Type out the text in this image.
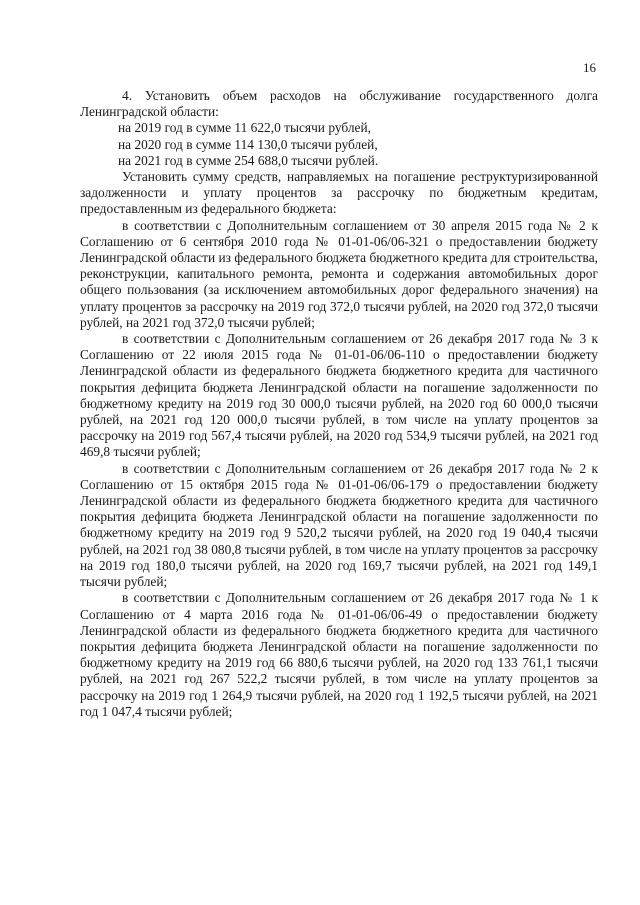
16

4. Установить объем расходов на обслуживание государственного долга Ленинградской области:

на 2019 год в сумме 11 622,0 тысячи рублей,

на 2020 год в сумме 114 130,0 тысячи рублей,

на 2021 год в сумме 254 688,0 тысячи рублей.

Установить сумму средств, направляемых на погашение реструктуризированной задолженности и уплату процентов за рассрочку по бюджетным кредитам, предоставленным из федерального бюджета:

в соответствии с Дополнительным соглашением от 30 апреля 2015 года № 2 к Соглашению от 6 сентября 2010 года № 01-01-06/06-321 о предоставлении бюджету Ленинградской области из федерального бюджета бюджетного кредита для строительства, реконструкции, капитального ремонта, ремонта и содержания автомобильных дорог общего пользования (за исключением автомобильных дорог федерального значения) на уплату процентов за рассрочку на 2019 год 372,0 тысячи рублей, на 2020 год 372,0 тысячи рублей, на 2021 год 372,0 тысячи рублей;

в соответствии с Дополнительным соглашением от 26 декабря 2017 года № 3 к Соглашению от 22 июля 2015 года № 01-01-06/06-110 о предоставлении бюджету Ленинградской области из федерального бюджета бюджетного кредита для частичного покрытия дефицита бюджета Ленинградской области на погашение задолженности по бюджетному кредиту на 2019 год 30 000,0 тысячи рублей, на 2020 год 60 000,0 тысячи рублей, на 2021 год 120 000,0 тысячи рублей, в том числе на уплату процентов за рассрочку на 2019 год 567,4 тысячи рублей, на 2020 год 534,9 тысячи рублей, на 2021 год 469,8 тысячи рублей;

в соответствии с Дополнительным соглашением от 26 декабря 2017 года № 2 к Соглашению от 15 октября 2015 года № 01-01-06/06-179 о предоставлении бюджету Ленинградской области из федерального бюджета бюджетного кредита для частичного покрытия дефицита бюджета Ленинградской области на погашение задолженности по бюджетному кредиту на 2019 год 9 520,2 тысячи рублей, на 2020 год 19 040,4 тысячи рублей, на 2021 год 38 080,8 тысячи рублей, в том числе на уплату процентов за рассрочку на 2019 год 180,0 тысячи рублей, на 2020 год 169,7 тысячи рублей, на 2021 год 149,1 тысячи рублей;

в соответствии с Дополнительным соглашением от 26 декабря 2017 года № 1 к Соглашению от 4 марта 2016 года № 01-01-06/06-49 о предоставлении бюджету Ленинградской области из федерального бюджета бюджетного кредита для частичного покрытия дефицита бюджета Ленинградской области на погашение задолженности по бюджетному кредиту на 2019 год 66 880,6 тысячи рублей, на 2020 год 133 761,1 тысячи рублей, на 2021 год 267 522,2 тысячи рублей, в том числе на уплату процентов за рассрочку на 2019 год 1 264,9 тысячи рублей, на 2020 год 1 192,5 тысячи рублей, на 2021 год 1 047,4 тысячи рублей;
